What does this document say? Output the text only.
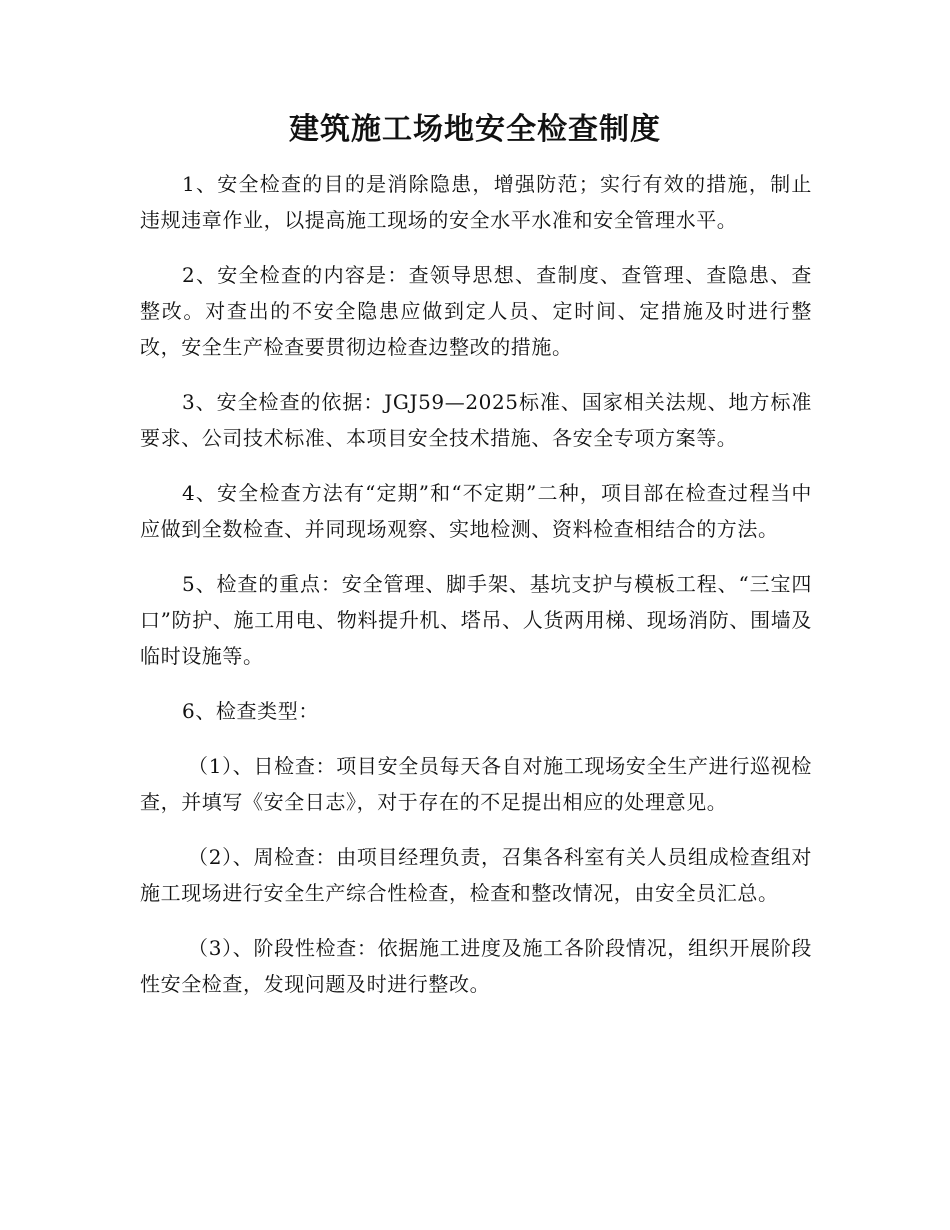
建筑施工场地安全检查制度

1、安全检查的目的是消除隐患，增强防范；实行有效的措施，制止违规违章作业，以提高施工现场的安全水平水准和安全管理水平。

2、安全检查的内容是：查领导思想、查制度、查管理、查隐患、查整改。对查出的不安全隐患应做到定人员、定时间、定措施及时进行整改，安全生产检查要贯彻边检查边整改的措施。

3、安全检查的依据：JGJ59—2025标准、国家相关法规、地方标准要求、公司技术标准、本项目安全技术措施、各安全专项方案等。

4、安全检查方法有“定期”和“不定期”二种，项目部在检查过程当中应做到全数检查、并同现场观察、实地检测、资料检查相结合的方法。

5、检查的重点：安全管理、脚手架、基坑支护与模板工程、“三宝四口”防护、施工用电、物料提升机、塔吊、人货两用梯、现场消防、围墙及临时设施等。

6、检查类型：

（1）、日检查：项目安全员每天各自对施工现场安全生产进行巡视检查，并填写《安全日志》，对于存在的不足提出相应的处理意见。

（2）、周检查：由项目经理负责，召集各科室有关人员组成检查组对施工现场进行安全生产综合性检查，检查和整改情况，由安全员汇总。

（3）、阶段性检查：依据施工进度及施工各阶段情况，组织开展阶段性安全检查，发现问题及时进行整改。
